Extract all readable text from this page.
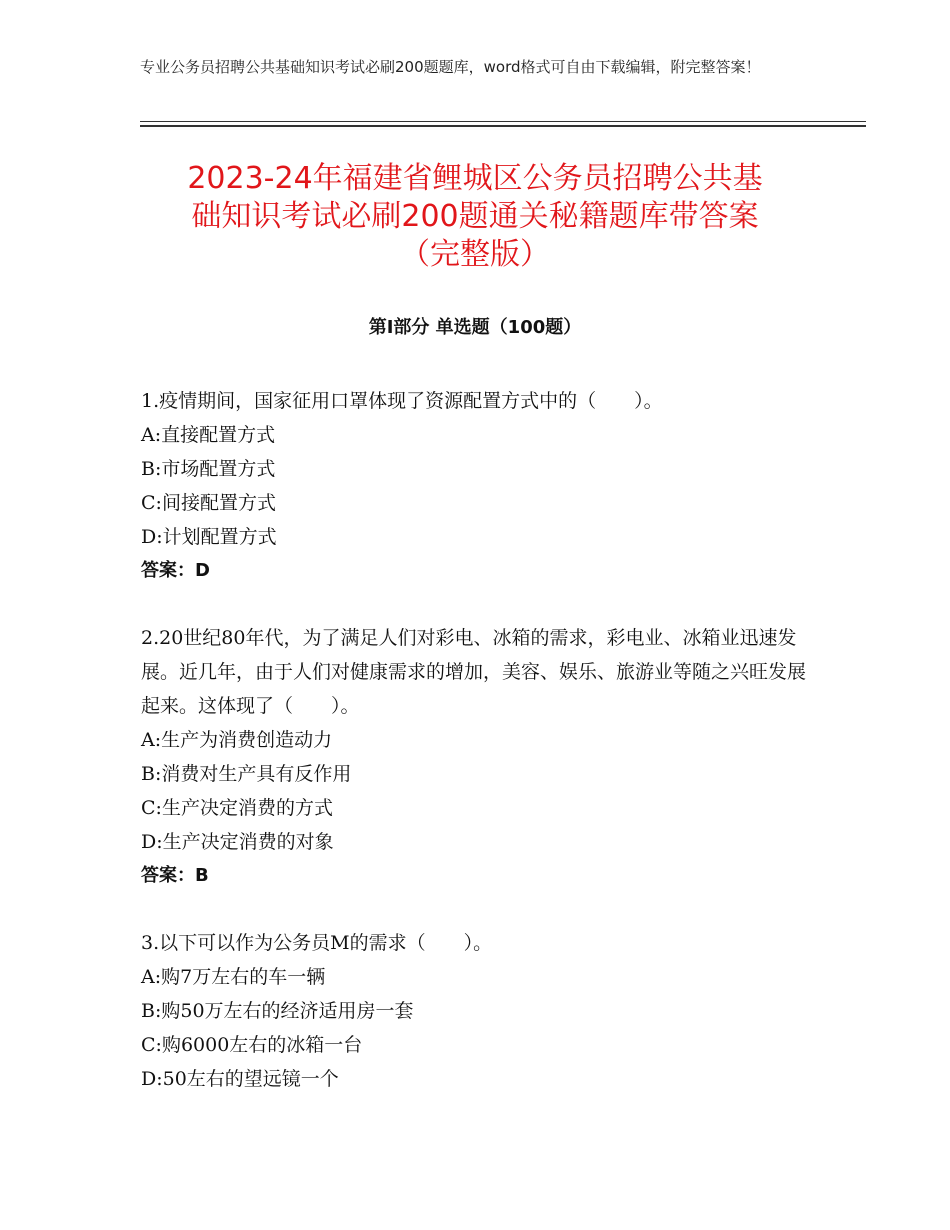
专业公务员招聘公共基础知识考试必刷200题题库，word格式可自由下载编辑，附完整答案！
2023-24年福建省鲤城区公务员招聘公共基
础知识考试必刷200题通关秘籍题库带答案
（完整版）
第Ⅰ部分 单选题（100题）
1.疫情期间，国家征用口罩体现了资源配置方式中的（　　）。
A:直接配置方式
B:市场配置方式
C:间接配置方式
D:计划配置方式
答案：D
2.20世纪80年代，为了满足人们对彩电、冰箱的需求，彩电业、冰箱业迅速发展。近几年，由于人们对健康需求的增加，美容、娱乐、旅游业等随之兴旺发展起来。这体现了（　　）。
A:生产为消费创造动力
B:消费对生产具有反作用
C:生产决定消费的方式
D:生产决定消费的对象
答案：B
3.以下可以作为公务员M的需求（　　）。
A:购7万左右的车一辆
B:购50万左右的经济适用房一套
C:购6000左右的冰箱一台
D:50左右的望远镜一个
